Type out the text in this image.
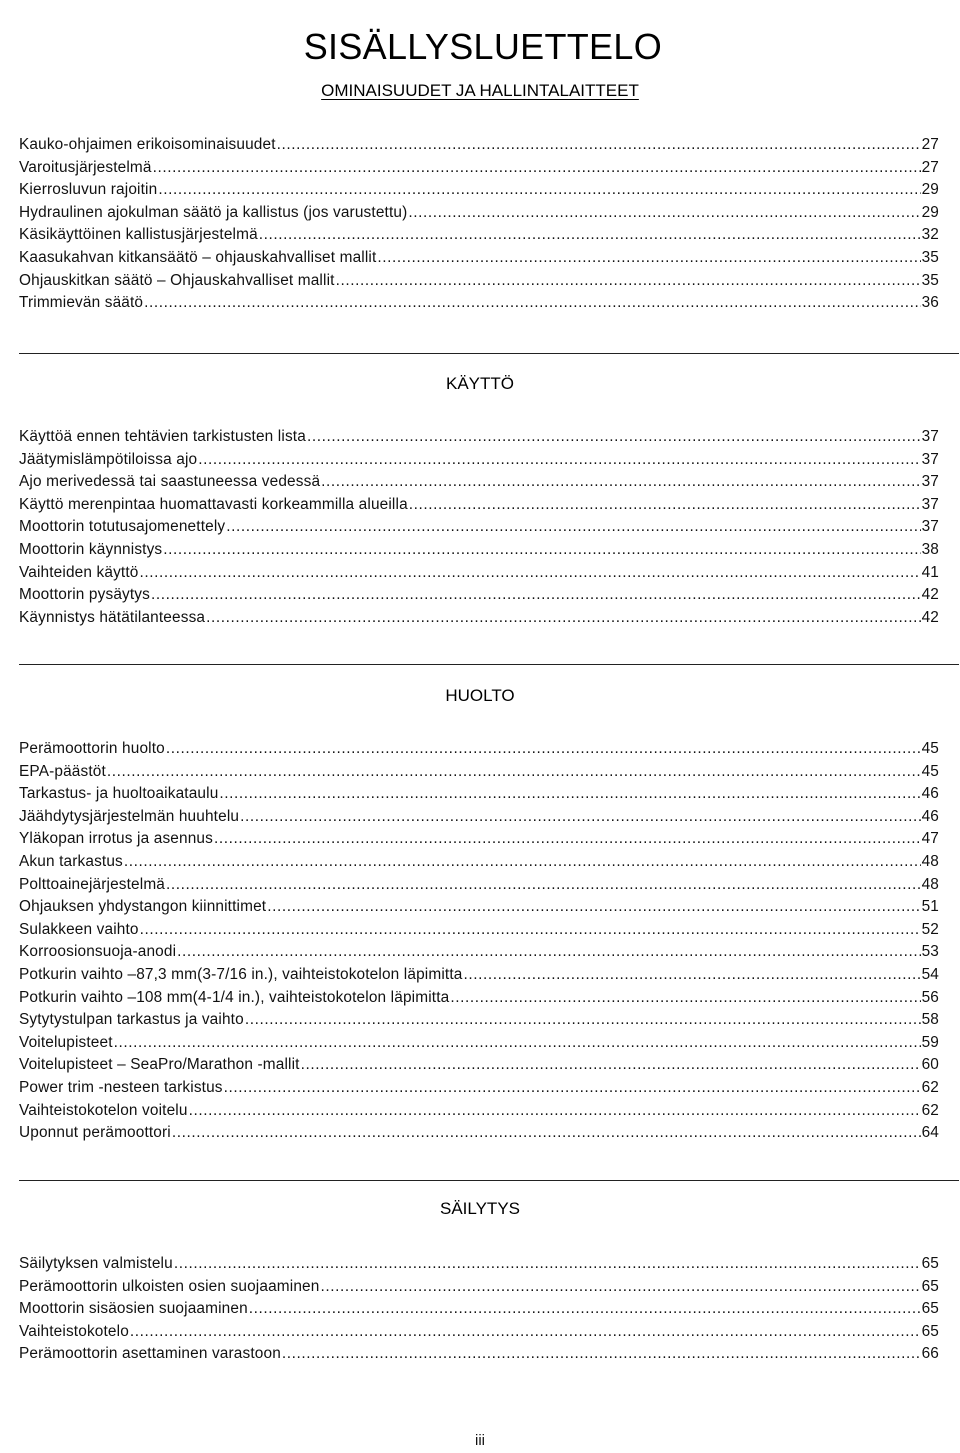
SISÄLLYSLUETTELO
OMINAISUUDET JA HALLINTALAITTEET
Kauko-ohjaimen erikoisominaisuudet .....	27
Varoitusjärjestelmä .....	27
Kierrosluvun rajoitin .....	29
Hydraulinen ajokulman säätö ja kallistus (jos varustettu) .....	29
Käsikäyttöinen kallistusjärjestelmä .....	32
Kaasukahvan kitkansäätö ‒ ohjauskahvalliset mallit .....	35
Ohjauskitkan säätö ‒ Ohjauskahvalliset mallit .....	35
Trimmievän säätö .....	36
KÄYTTÖ
Käyttöä ennen tehtävien tarkistusten lista .....	37
Jäätymislämpötiloissa ajo .....	37
Ajo merivedessä tai saastuneessa vedessä .....	37
Käyttö merenpintaa huomattavasti korkeammilla alueilla .....	37
Moottorin totutusajomenettely .....	37
Moottorin käynnistys .....	38
Vaihteiden käyttö .....	41
Moottorin pysäytys .....	42
Käynnistys hätätilanteessa .....	42
HUOLTO
Perämoottorin huolto .....	45
EPA-päästöt .....	45
Tarkastus- ja huoltoaikataulu .....	46
Jäähdytysjärjestelmän huuhtelu .....	46
Yläkopan irrotus ja asennus .....	47
Akun tarkastus .....	48
Polttoainejärjestelmä .....	48
Ohjauksen yhdystangon kiinnittimet .....	51
Sulakkeen vaihto .....	52
Korroosionsuoja-anodi .....	53
Potkurin vaihto ‒87,3 mm(3-7/16 in.), vaihteistokotelon läpimitta .....	54
Potkurin vaihto ‒108 mm(4-1/4 in.), vaihteistokotelon läpimitta .....	56
Sytytystulpan tarkastus ja vaihto .....	58
Voitelupisteet .....	59
Voitelupisteet ‒ SeaPro/Marathon -mallit .....	60
Power trim -nesteen tarkistus .....	62
Vaihteistokotelon voitelu .....	62
Uponnut perämoottori .....	64
SÄILYTYS
Säilytyksen valmistelu .....	65
Perämoottorin ulkoisten osien suojaaminen .....	65
Moottorin sisäosien suojaaminen .....	65
Vaihteistokotelo .....	65
Perämoottorin asettaminen varastoon .....	66
iii
